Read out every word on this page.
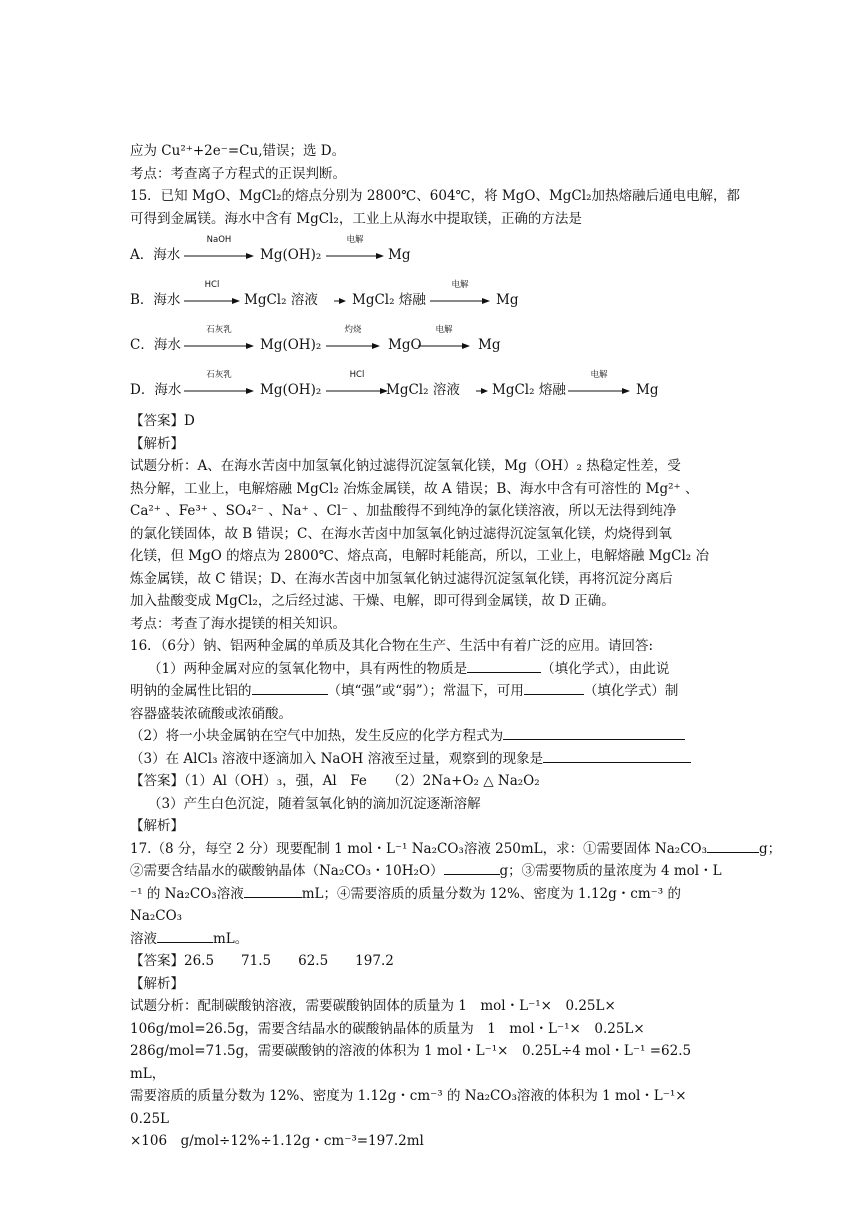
应为 Cu²⁺+2e⁻=Cu,错误；选 D。

考点：考查离子方程式的正误判断。

15．已知 MgO、MgCl₂的熔点分别为 2800℃、604℃，将 MgO、MgCl₂加热熔融后通电电解，都

可得到金属镁。海水中含有 MgCl₂，工业上从海水中提取镁，正确的方法是

A．海水
NaOH
Mg(OH)₂
电解
Mg
B．海水
HCl
MgCl₂ 溶液 → MgCl₂ 熔融
电解
Mg
C．海水
石灰乳
Mg(OH)₂
灼烧
MgO
电解
Mg
D．海水
石灰乳
Mg(OH)₂
HCl
MgCl₂ 溶液 → MgCl₂ 熔融
电解
Mg

【答案】D

【解析】

试题分析：A、在海水苦卤中加氢氧化钠过滤得沉淀氢氧化镁，Mg（OH）₂ 热稳定性差，受

热分解，工业上，电解熔融 MgCl₂ 冶炼金属镁，故 A 错误；B、海水中含有可溶性的 Mg²⁺ 、

Ca²⁺ 、Fe³⁺ 、SO₄²⁻ 、Na⁺ 、Cl⁻ 、加盐酸得不到纯净的氯化镁溶液，所以无法得到纯净

的氯化镁固体，故 B 错误；C、在海水苦卤中加氢氧化钠过滤得沉淀氢氧化镁，灼烧得到氧

化镁，但 MgO 的熔点为 2800℃、熔点高，电解时耗能高，所以，工业上，电解熔融 MgCl₂ 冶

炼金属镁，故 C 错误；D、在海水苦卤中加氢氧化钠过滤得沉淀氢氧化镁，再将沉淀分离后

加入盐酸变成 MgCl₂，之后经过滤、干燥、电解，即可得到金属镁，故 D 正确。

考点：考查了海水提镁的相关知识。

16．（6分）钠、铝两种金属的单质及其化合物在生产、生活中有着广泛的应用。请回答:

（1）两种金属对应的氢氧化物中，具有两性的物质是	（填化学式），由此说

明钠的金属性比铝的	（填“强”或“弱”）；常温下，可用	（填化学式）制

容器盛装浓硫酸或浓硝酸。

（2）将一小块金属钠在空气中加热，发生反应的化学方程式为

（3）在 AlCl₃ 溶液中逐滴加入 NaOH 溶液至过量，观察到的现象是

【答案】（1）Al（OH）₃，强，Al　Fe　　（2）2Na+O₂ △ Na₂O₂

（3）产生白色沉淀，随着氢氧化钠的滴加沉淀逐渐溶解

【解析】

17.（8 分，每空 2 分）现要配制 1 mol・L⁻¹ Na₂CO₃溶液 250mL，求：①需要固体 Na₂CO₃	g；

②需要含结晶水的碳酸钠晶体（Na₂CO₃・10H₂O）	g；③需要物质的量浓度为 4 mol・L

⁻¹ 的 Na₂CO₃溶液	mL；④需要溶质的质量分数为 12%、密度为 1.12g・cm⁻³ 的 Na₂CO₃

溶液	mL。

【答案】26.5　　71.5　　62.5　　197.2

【解析】

试题分析：配制碳酸钠溶液，需要碳酸钠固体的质量为 1　mol・L⁻¹×　0.25L×

106g/mol=26.5g，需要含结晶水的碳酸钠晶体的质量为　1　mol・L⁻¹×　0.25L×

286g/mol=71.5g，需要碳酸钠的溶液的体积为 1 mol・L⁻¹×　0.25L÷4 mol・L⁻¹ =62.5 mL，

需要溶质的质量分数为 12%、密度为 1.12g・cm⁻³ 的 Na₂CO₃溶液的体积为 1 mol・L⁻¹×　0.25L

×106　g/mol÷12%÷1.12g・cm⁻³=197.2ml
